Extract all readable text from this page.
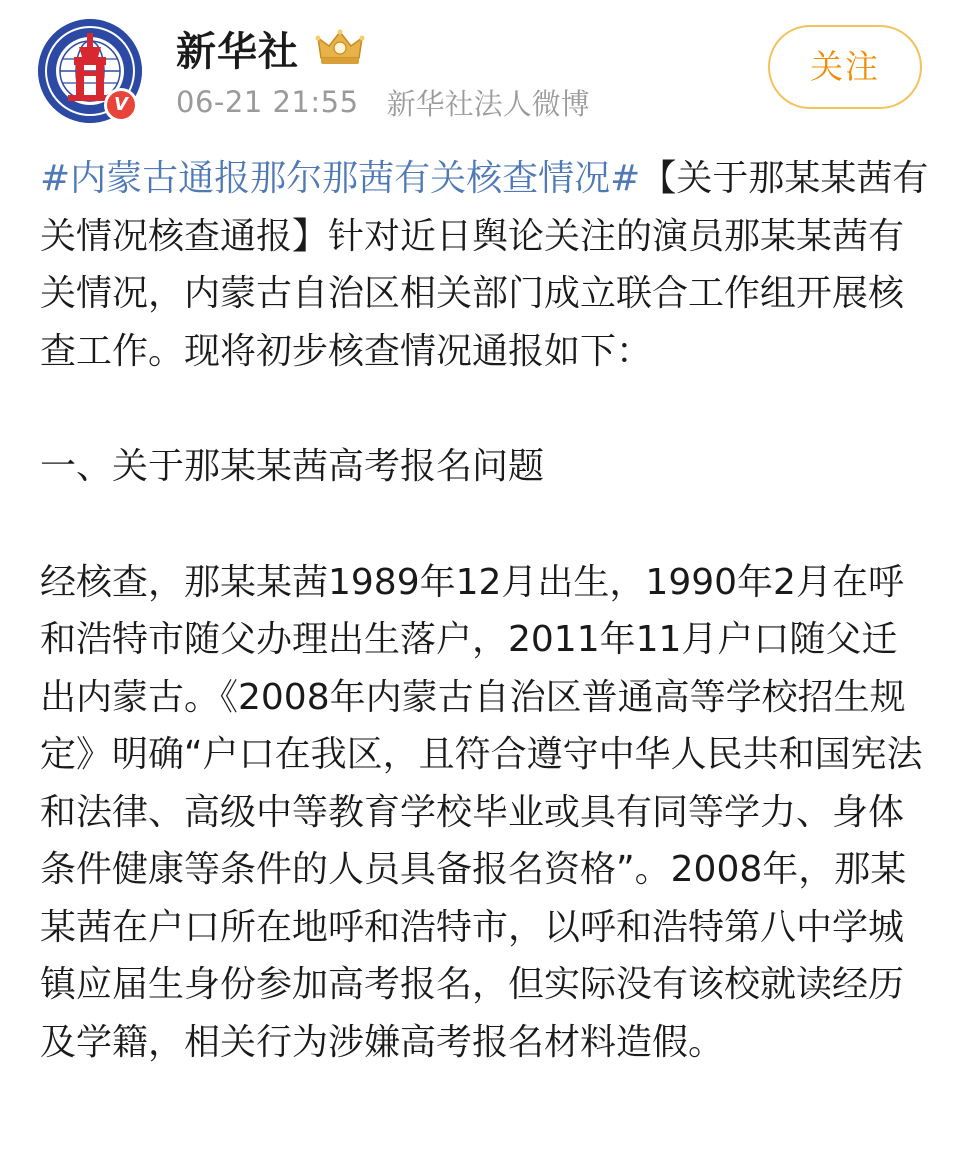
V
新华社
06-21 21:55 新华社法人微博
关注

#内蒙古通报那尔那茜有关核查情况#【关于那某某茜有关情况核查通报】针对近日舆论关注的演员那某某茜有关情况，内蒙古自治区相关部门成立联合工作组开展核查工作。现将初步核查情况通报如下：

一、关于那某某茜高考报名问题

经核查，那某某茜1989年12月出生，1990年2月在呼和浩特市随父办理出生落户，2011年11月户口随父迁出内蒙古。《2008年内蒙古自治区普通高等学校招生规定》明确“户口在我区，且符合遵守中华人民共和国宪法和法律、高级中等教育学校毕业或具有同等学力、身体条件健康等条件的人员具备报名资格”。2008年，那某某茜在户口所在地呼和浩特市，以呼和浩特第八中学城镇应届生身份参加高考报名，但实际没有该校就读经历及学籍，相关行为涉嫌高考报名材料造假。
